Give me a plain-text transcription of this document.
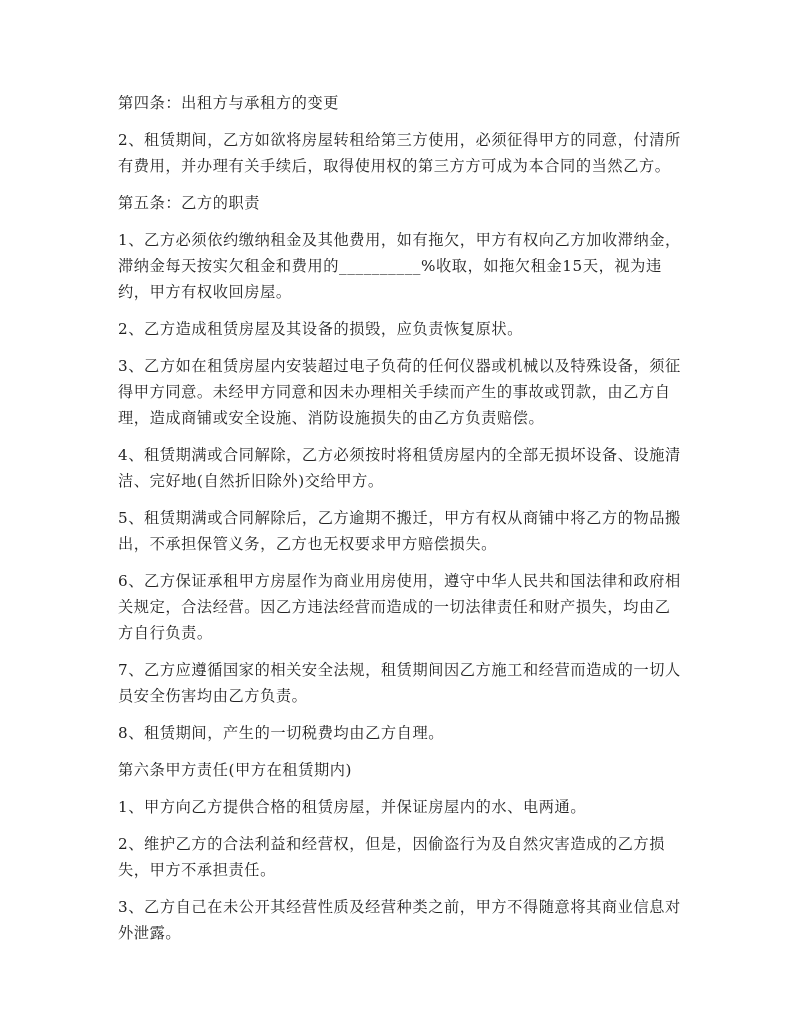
第四条：出租方与承租方的变更

2、租赁期间，乙方如欲将房屋转租给第三方使用，必须征得甲方的同意，付清所有费用，并办理有关手续后，取得使用权的第三方方可成为本合同的当然乙方。

第五条：乙方的职责

1、乙方必须依约缴纳租金及其他费用，如有拖欠，甲方有权向乙方加收滞纳金，滞纳金每天按实欠租金和费用的__________%收取，如拖欠租金15天，视为违约，甲方有权收回房屋。

2、乙方造成租赁房屋及其设备的损毁，应负责恢复原状。

3、乙方如在租赁房屋内安装超过电子负荷的任何仪器或机械以及特殊设备，须征得甲方同意。未经甲方同意和因未办理相关手续而产生的事故或罚款，由乙方自理，造成商铺或安全设施、消防设施损失的由乙方负责赔偿。

4、租赁期满或合同解除，乙方必须按时将租赁房屋内的全部无损坏设备、设施清洁、完好地(自然折旧除外)交给甲方。

5、租赁期满或合同解除后，乙方逾期不搬迁，甲方有权从商铺中将乙方的物品搬出，不承担保管义务，乙方也无权要求甲方赔偿损失。

6、乙方保证承租甲方房屋作为商业用房使用，遵守中华人民共和国法律和政府相关规定，合法经营。因乙方违法经营而造成的一切法律责任和财产损失，均由乙方自行负责。

7、乙方应遵循国家的相关安全法规，租赁期间因乙方施工和经营而造成的一切人员安全伤害均由乙方负责。

8、租赁期间，产生的一切税费均由乙方自理。

第六条甲方责任(甲方在租赁期内)

1、甲方向乙方提供合格的租赁房屋，并保证房屋内的水、电两通。

2、维护乙方的合法利益和经营权，但是，因偷盗行为及自然灾害造成的乙方损失，甲方不承担责任。

3、乙方自己在未公开其经营性质及经营种类之前，甲方不得随意将其商业信息对外泄露。
